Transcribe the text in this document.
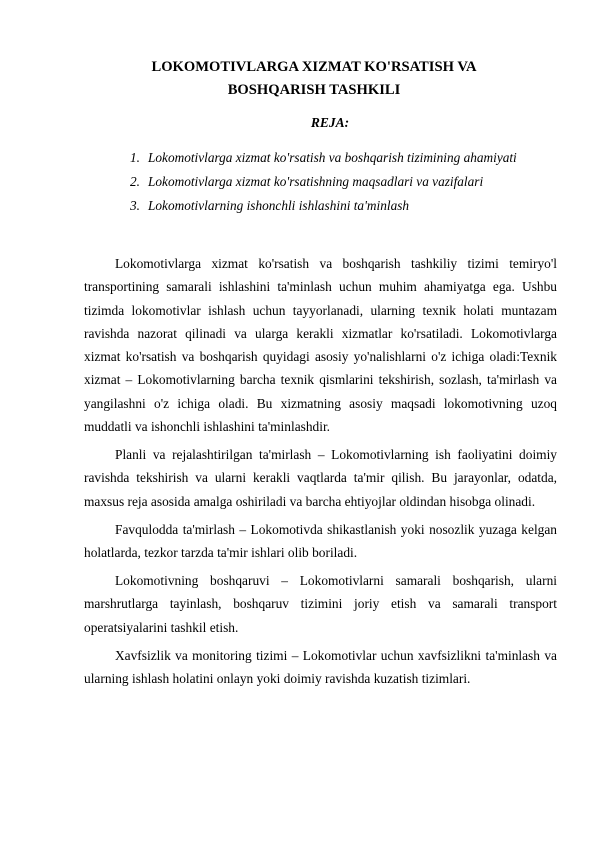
LOKOMOTIVLARGA XIZMAT KO'RSATISH VA BOSHQARISH TASHKILI
REJA:
1. Lokomotivlarga xizmat ko'rsatish va boshqarish tizimining ahamiyati
2. Lokomotivlarga xizmat ko'rsatishning maqsadlari va vazifalari
3. Lokomotivlarning ishonchli ishlashini ta'minlash

Lokomotivlarga xizmat ko'rsatish va boshqarish tashkiliy tizimi temiryo'l transportining samarali ishlashini ta'minlash uchun muhim ahamiyatga ega. Ushbu tizimda lokomotivlar ishlash uchun tayyorlanadi, ularning texnik holati muntazam ravishda nazorat qilinadi va ularga kerakli xizmatlar ko'rsatiladi. Lokomotivlarga xizmat ko'rsatish va boshqarish quyidagi asosiy yo'nalishlarni o'z ichiga oladi:Texnik xizmat – Lokomotivlarning barcha texnik qismlarini tekshirish, sozlash, ta'mirlash va yangilashni o'z ichiga oladi. Bu xizmatning asosiy maqsadi lokomotivning uzoq muddatli va ishonchli ishlashini ta'minlashdir.

Planli va rejalashtirilgan ta'mirlash – Lokomotivlarning ish faoliyatini doimiy ravishda tekshirish va ularni kerakli vaqtlarda ta'mir qilish. Bu jarayonlar, odatda, maxsus reja asosida amalga oshiriladi va barcha ehtiyojlar oldindan hisobga olinadi.

Favqulodda ta'mirlash – Lokomotivda shikastlanish yoki nosozlik yuzaga kelgan holatlarda, tezkor tarzda ta'mir ishlari olib boriladi.

Lokomotivning boshqaruvi – Lokomotivlarni samarali boshqarish, ularni marshrutlarga tayinlash, boshqaruv tizimini joriy etish va samarali transport operatsiyalarini tashkil etish.

Xavfsizlik va monitoring tizimi – Lokomotivlar uchun xavfsizlikni ta'minlash va ularning ishlash holatini onlayn yoki doimiy ravishda kuzatish tizimlari.
